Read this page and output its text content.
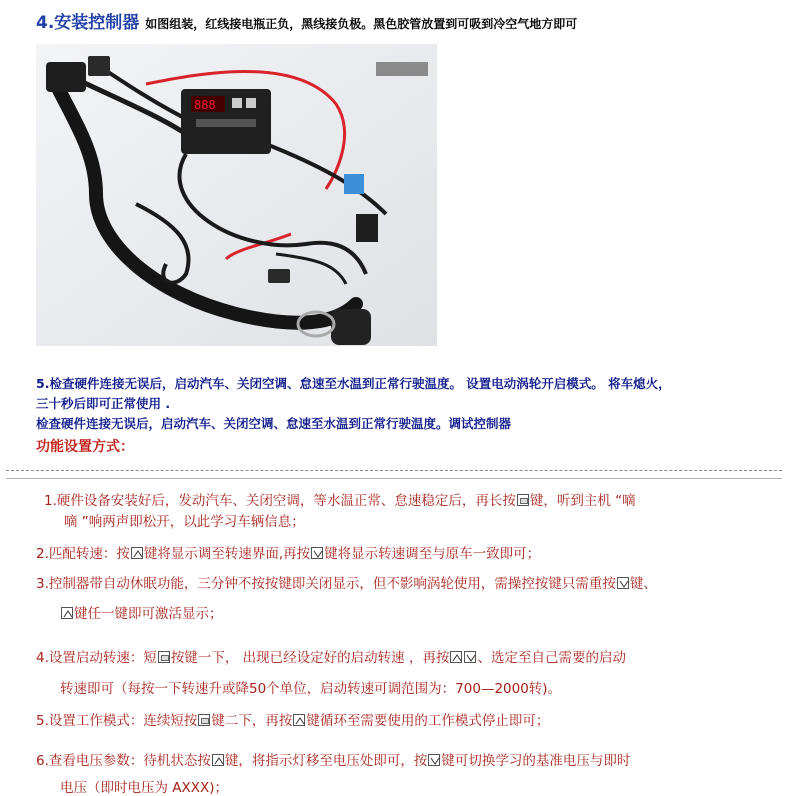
4.安装控制器 如图组装，红线接电瓶正负，黑线接负极。黑色胶管放置到可吸到冷空气地方即可
888
5.检查硬件连接无误后，启动汽车、关闭空调、怠速至水温到正常行驶温度。 设置电动涡轮开启模式。 将车熄火，
三十秒后即可正常使用 .
检查硬件连接无误后，启动汽车、关闭空调、怠速至水温到正常行驶温度。调试控制器
功能设置方式：
1.硬件设备安装好后，发动汽车、关闭空调，等水温正常、怠速稳定后，再长按 键，听到主机 “嘀
嘀 ”响两声即松开，以此学习车辆信息；
2.匹配转速：按 键将显示调至转速界面,再按 键将显示转速调至与原车一致即可；
3.控制器带自动休眠功能，三分钟不按按键即关闭显示，但不影响涡轮使用，需操控按键只需重按 键、
键任一键即可激活显示；
4.设置启动转速：短 按键一下， 出现已经设定好的启动转速 ，再按 、选定至自己需要的启动
转速即可（每按一下转速升或降50个单位，启动转速可调范围为：700—2000转)。
5.设置工作模式：连续短按 键二下，再按 键循环至需要使用的工作模式停止即可；
6.查看电压参数：待机状态按 键，将指示灯移至电压处即可，按 键可切换学习的基准电压与即时
电压（即时电压为 AXXX)；
